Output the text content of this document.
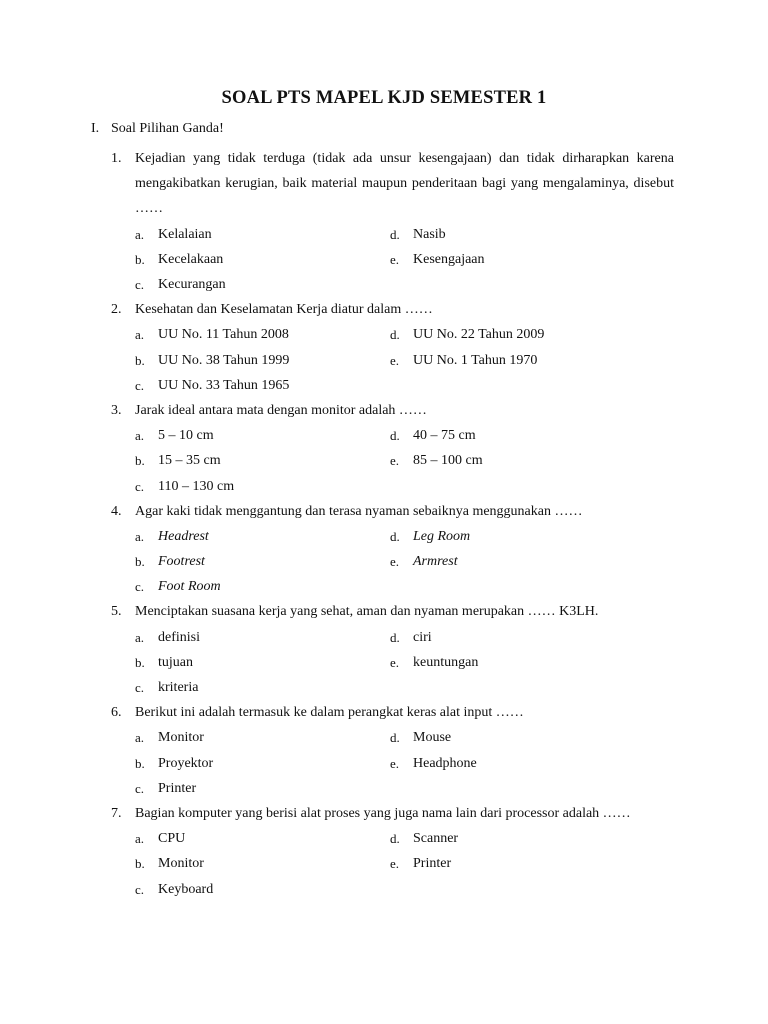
SOAL PTS MAPEL KJD SEMESTER 1
I. Soal Pilihan Ganda!
1. Kejadian yang tidak terduga (tidak ada unsur kesengajaan) dan tidak dirharapkan karena mengakibatkan kerugian, baik material maupun penderitaan bagi yang mengalaminya, disebut ……
a. Kelalaian
b. Kecelakaan
c. Kecurangan
d. Nasib
e. Kesengajaan
2. Kesehatan dan Keselamatan Kerja diatur dalam ……
a. UU No. 11 Tahun 2008
b. UU No. 38 Tahun 1999
c. UU No. 33 Tahun 1965
d. UU No. 22 Tahun 2009
e. UU No. 1 Tahun 1970
3. Jarak ideal antara mata dengan monitor adalah ……
a. 5 – 10 cm
b. 15 – 35 cm
c. 110 – 130 cm
d. 40 – 75 cm
e. 85 – 100 cm
4. Agar kaki tidak menggantung dan terasa nyaman sebaiknya menggunakan ……
a. Headrest
b. Footrest
c. Foot Room
d. Leg Room
e. Armrest
5. Menciptakan suasana kerja yang sehat, aman dan nyaman merupakan …… K3LH.
a. definisi
b. tujuan
c. kriteria
d. ciri
e. keuntungan
6. Berikut ini adalah termasuk ke dalam perangkat keras alat input ……
a. Monitor
b. Proyektor
c. Printer
d. Mouse
e. Headphone
7. Bagian komputer yang berisi alat proses yang juga nama lain dari processor adalah ……
a. CPU
b. Monitor
c. Keyboard
d. Scanner
e. Printer
